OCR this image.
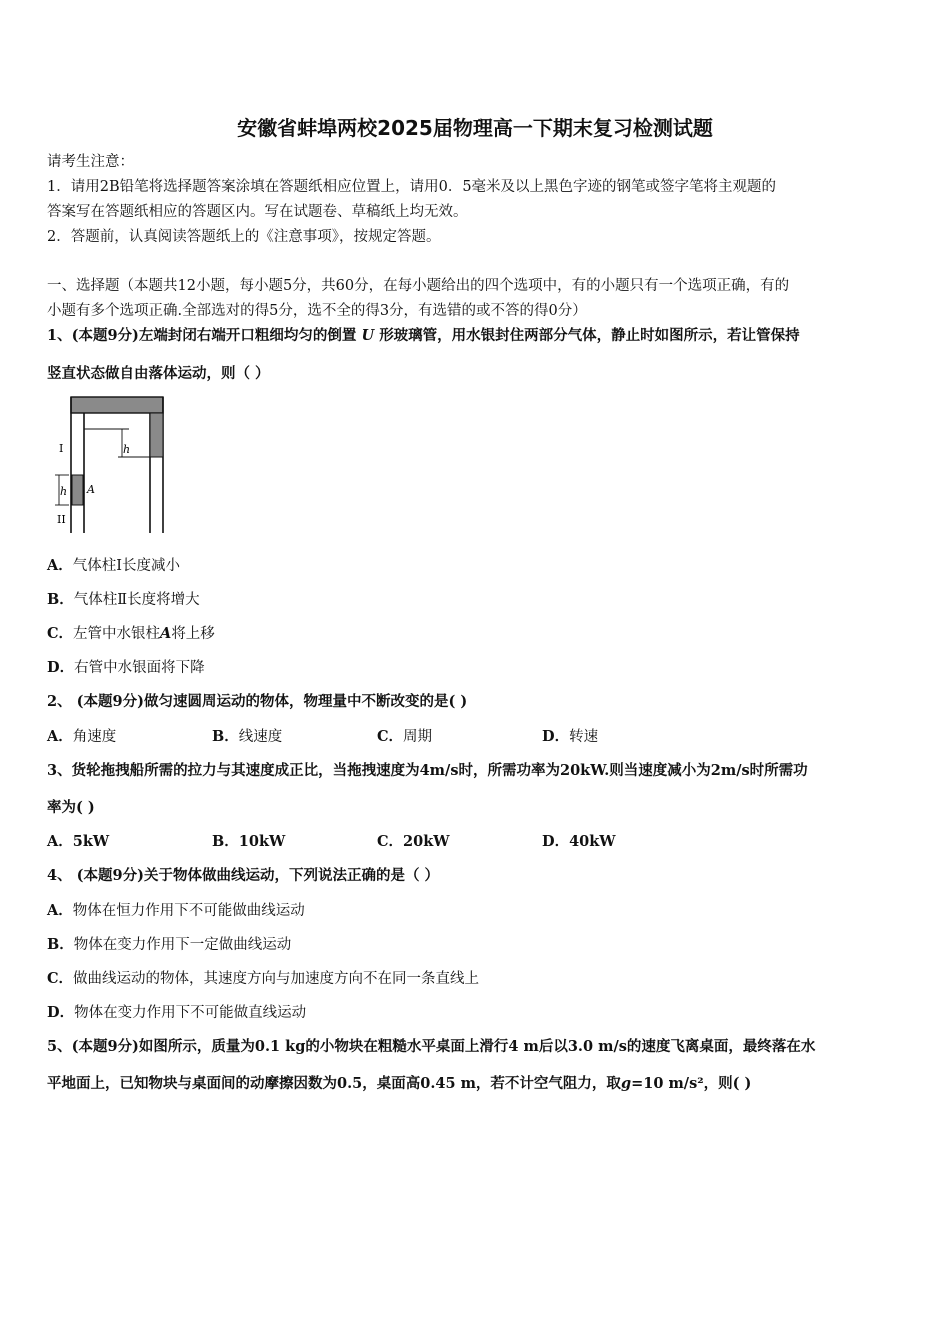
安徽省蚌埠两校2025届物理高一下期末复习检测试题
请考生注意：
1．请用2B铅笔将选择题答案涂填在答题纸相应位置上，请用0．5毫米及以上黑色字迹的钢笔或签字笔将主观题的
答案写在答题纸相应的答题区内。写在试题卷、草稿纸上均无效。
2．答题前，认真阅读答题纸上的《注意事项》，按规定答题。
一、选择题（本题共12小题，每小题5分，共60分，在每小题给出的四个选项中，有的小题只有一个选项正确，有的
小题有多个选项正确.全部选对的得5分，选不全的得3分，有选错的或不答的得0分）
1、(本题9分)左端封闭右端开口粗细均匀的倒置 U 形玻璃管，用水银封住两部分气体，静止时如图所示，若让管保持
竖直状态做自由落体运动，则（ ）
h
h
I
II
A
A．气体柱Ⅰ长度减小
B．气体柱Ⅱ长度将增大
C．左管中水银柱A将上移
D．右管中水银面将下降
2、 (本题9分)做匀速圆周运动的物体，物理量中不断改变的是( )
A．角速度	B．线速度	C．周期	D．转速
3、货轮拖拽船所需的拉力与其速度成正比，当拖拽速度为4m/s时，所需功率为20kW.则当速度减小为2m/s时所需功
率为( )
A．5kW	B．10kW	C．20kW	D．40kW
4、 (本题9分)关于物体做曲线运动，下列说法正确的是（ ）
A．物体在恒力作用下不可能做曲线运动
B．物体在变力作用下一定做曲线运动
C．做曲线运动的物体，其速度方向与加速度方向不在同一条直线上
D．物体在变力作用下不可能做直线运动
5、(本题9分)如图所示，质量为0.1 kg的小物块在粗糙水平桌面上滑行4 m后以3.0 m/s的速度飞离桌面，最终落在水
平地面上，已知物块与桌面间的动摩擦因数为0.5，桌面高0.45 m，若不计空气阻力，取g=10 m/s²，则( )
